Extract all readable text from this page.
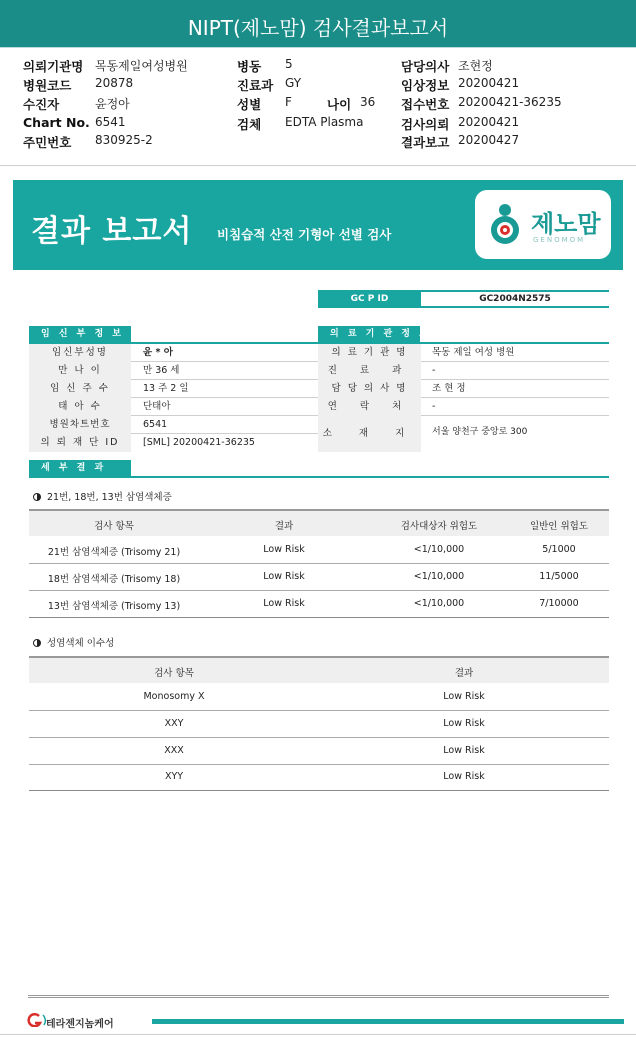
NIPT(제노맘) 검사결과보고서
의뢰기관명 목동제일여성병원
병원코드 20878
수진자	윤정아
Chart No. 6541
주민번호 830925-2
병동 5
진료과 GY
성별 F	나이 36
검체 EDTA Plasma
담당의사 조현정
임상정보 20200421
접수번호 20200421-36235
검사의뢰 20200421
결과보고 20200427
결과 보고서 비침습적 산전 기형아 선별 검사	제노맘
GENOMOM
GC P ID	GC2004N2575
임 신 부 정 보	의 료 기 관 정 보
임신부성명	윤 * 아
만 나 이	만 36 세
임 신 주 수	13 주 2 일
태 아 수	단태아
병원차트번호	6541
의 뢰 재 단 ID	[SML] 20200421-36235
의 료 기 관 명	목동 제일 여성 병원
진 료 과	-
담 당 의 사 명	조 현 정
연 락 처	-
소 재 지	서울 양천구 중앙로 300
세 부 결 과
21번, 18번, 13번 삼염색체증
검사 항목	결과	검사대상자 위험도	일반인 위험도
21번 삼염색체증 (Trisomy 21)	Low Risk	<1/10,000	5/1000
18번 삼염색체증 (Trisomy 18)	Low Risk	<1/10,000	11/5000
13번 삼염색체증 (Trisomy 13)	Low Risk	<1/10,000	7/10000
성염색체 이수성
검사 항목	결과
Monosomy X	Low Risk
XXY	Low Risk
XXX	Low Risk
XYY	Low Risk
테라젠지놈케어
